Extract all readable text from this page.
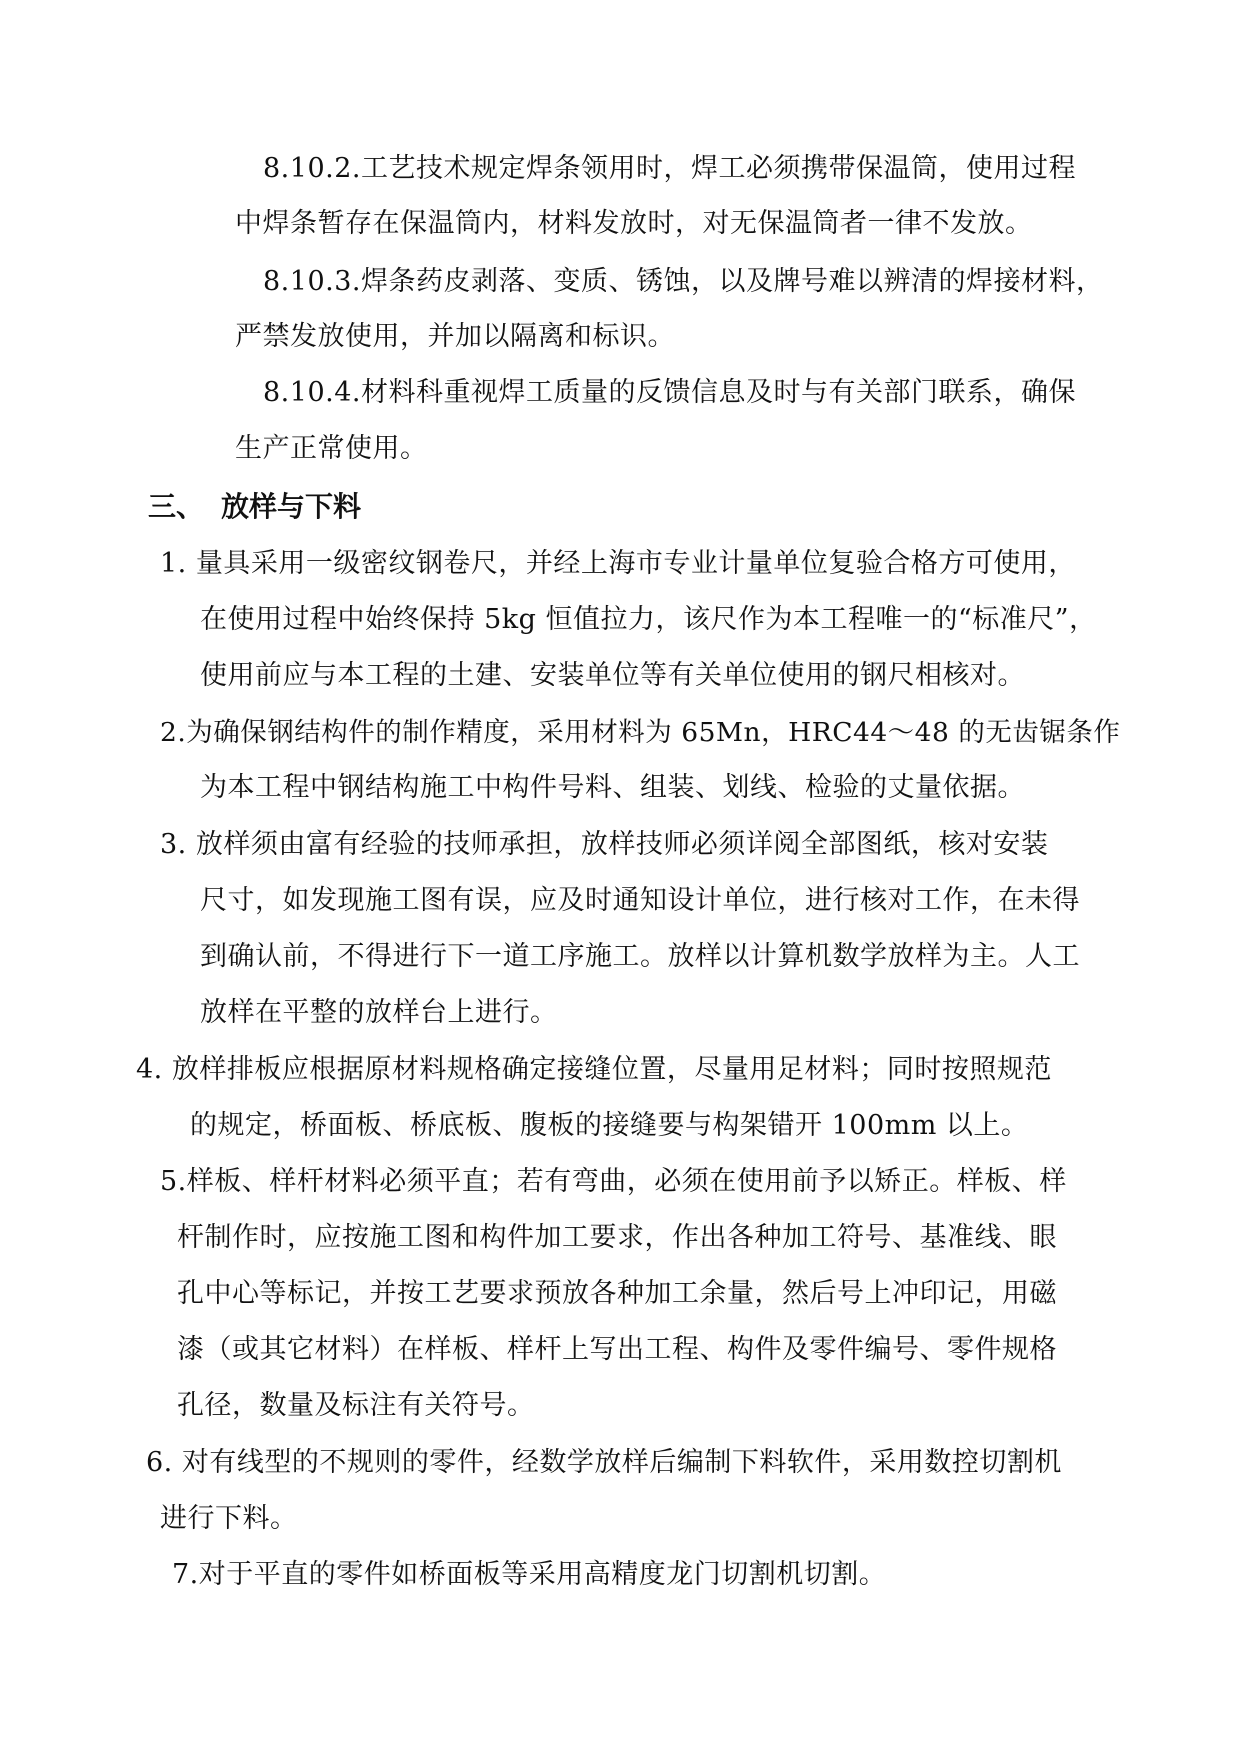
8.10.2.工艺技术规定焊条领用时，焊工必须携带保温筒，使用过程
中焊条暂存在保温筒内，材料发放时，对无保温筒者一律不发放。
8.10.3.焊条药皮剥落、变质、锈蚀，以及牌号难以辨清的焊接材料，
严禁发放使用，并加以隔离和标识。
8.10.4.材料科重视焊工质量的反馈信息及时与有关部门联系，确保
生产正常使用。
三、 放样与下料
1. 量具采用一级密纹钢卷尺，并经上海市专业计量单位复验合格方可使用，
在使用过程中始终保持 5kg 恒值拉力，该尺作为本工程唯一的“标准尺”，
使用前应与本工程的土建、安装单位等有关单位使用的钢尺相核对。
2.为确保钢结构件的制作精度，采用材料为 65Mn，HRC44～48 的无齿锯条作
为本工程中钢结构施工中构件号料、组装、划线、检验的丈量依据。
3. 放样须由富有经验的技师承担，放样技师必须详阅全部图纸，核对安装
尺寸，如发现施工图有误，应及时通知设计单位，进行核对工作，在未得
到确认前，不得进行下一道工序施工。放样以计算机数学放样为主。人工
放样在平整的放样台上进行。
4. 放样排板应根据原材料规格确定接缝位置，尽量用足材料；同时按照规范
的规定，桥面板、桥底板、腹板的接缝要与构架错开 100mm 以上。
5.样板、样杆材料必须平直；若有弯曲，必须在使用前予以矫正。样板、样
杆制作时，应按施工图和构件加工要求，作出各种加工符号、基准线、眼
孔中心等标记，并按工艺要求预放各种加工余量，然后号上冲印记，用磁
漆（或其它材料）在样板、样杆上写出工程、构件及零件编号、零件规格
孔径，数量及标注有关符号。
6. 对有线型的不规则的零件，经数学放样后编制下料软件，采用数控切割机
进行下料。
7.对于平直的零件如桥面板等采用高精度龙门切割机切割。
